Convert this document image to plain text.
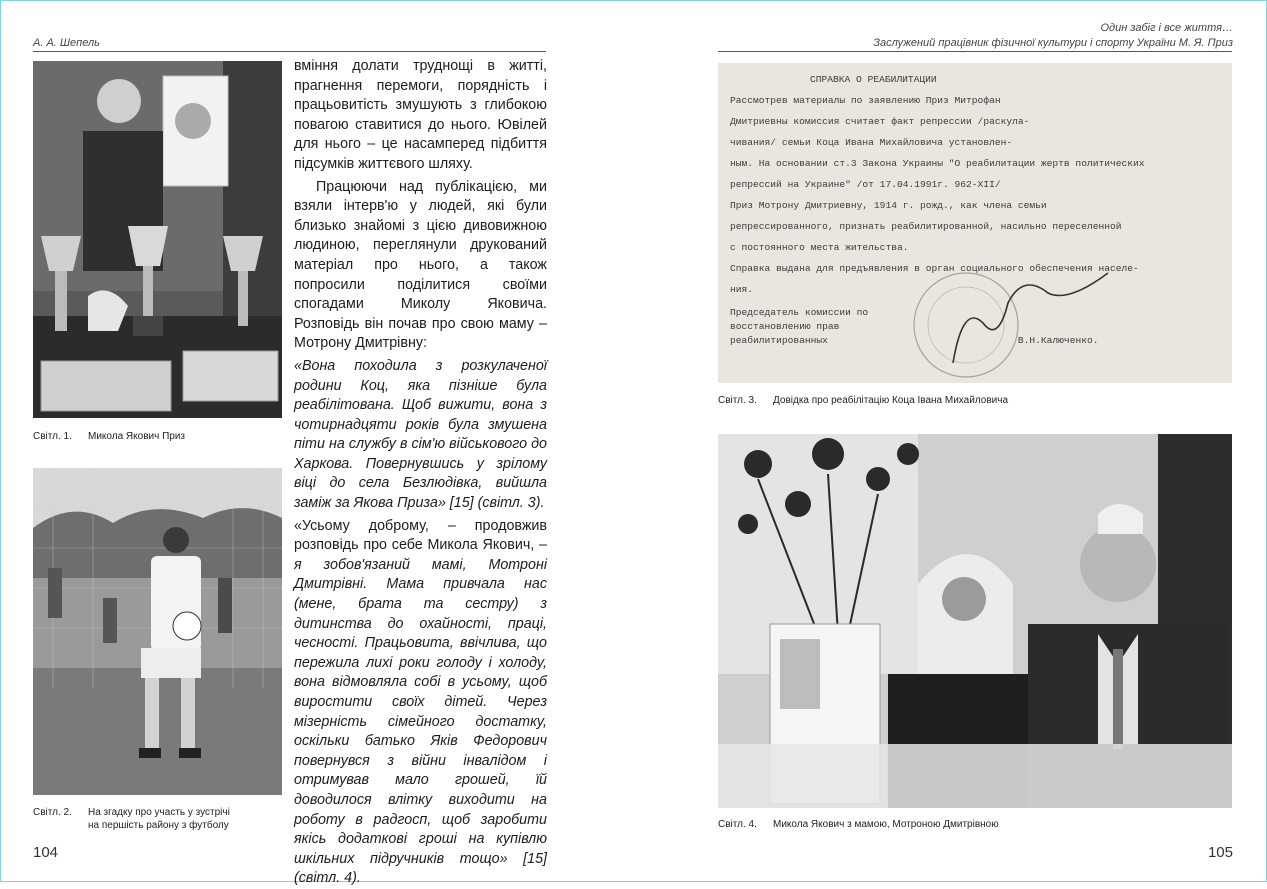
А. А. Шепель
Світл. 1. Микола Якович Приз
Світл. 2. На згадку про участь у зустрічі
на першість району з футболу

вміння долати труднощі в житті, прагнення перемоги, порядність і працьовитість змушують з глибокою повагою ставитися до нього. Ювілей для нього – це насамперед підбиття підсумків життєвого шляху.

Працюючи над публікацією, ми взяли інтерв'ю у людей, які були близько знайомі з цією дивовижною людиною, переглянули друкований матеріал про нього, а також попросили поділитися своїми спогадами Миколу Яковича. Розповідь він почав про свою маму – Мотрону Дмитрівну:

«Вона походила з розкулаченої родини Коц, яка пізніше була реабілітована. Щоб вижити, вона з чотирнадцяти років була змушена піти на службу в сім'ю військового до Харкова. Повернувшись у зрілому віці до села Безлюдівка, вийшла заміж за Якова Приза» [15] (світл. 3).

«Усьому доброму, – продовжив розповідь про себе Микола Якович, – я зобов'язаний мамі, Мотроні Дмитрівні. Мама привчала нас (мене, брата та сестру) з дитинства до охайності, праці, чесності. Працьовита, ввічлива, що пережила лихі роки голоду і холоду, вона відмовляла собі в усьому, щоб виростити своїх дітей. Через мізерність сімейного достатку, оскільки батько Яків Федорович повернувся з війни інвалідом і отримував мало грошей, їй доводилося влітку виходити на роботу в радгосп, щоб заробити якісь додаткові гроші на купівлю шкільних підручників тощо» [15] (світл. 4).

104
Один забіг і все життя…
Заслужений працівник фізичної культури і спорту України М. Я. Приз
СПРАВКА О РЕАБИЛИТАЦИИ
Рассмотрев материалы по заявлению Приз Митрофан
Дмитриевны комиссия считает факт репрессии /раскула-
чивания/ семьи Коца Ивана Михайловича установлен-
ным. На основании ст.3 Закона Украины "О реабилитации жертв политических
репрессий на Украине" /от 17.04.1991г. 962-XII/
Приз Мотрону Дмитриевну, 1914 г. рожд., как члена семьи
репрессированного, признать реабилитированной, насильно переселенной
с постоянного места жительства.
Справка выдана для предъявления в орган социального обеспечения населе-
ния.
Председатель комиссии по
восстановлению прав
реабилитированных	В.Н.Калюченко.
Світл. 3. Довідка про реабілітацію Коца Івана Михайловича
Світл. 4. Микола Якович з мамою, Мотроною Дмитрівною
105
